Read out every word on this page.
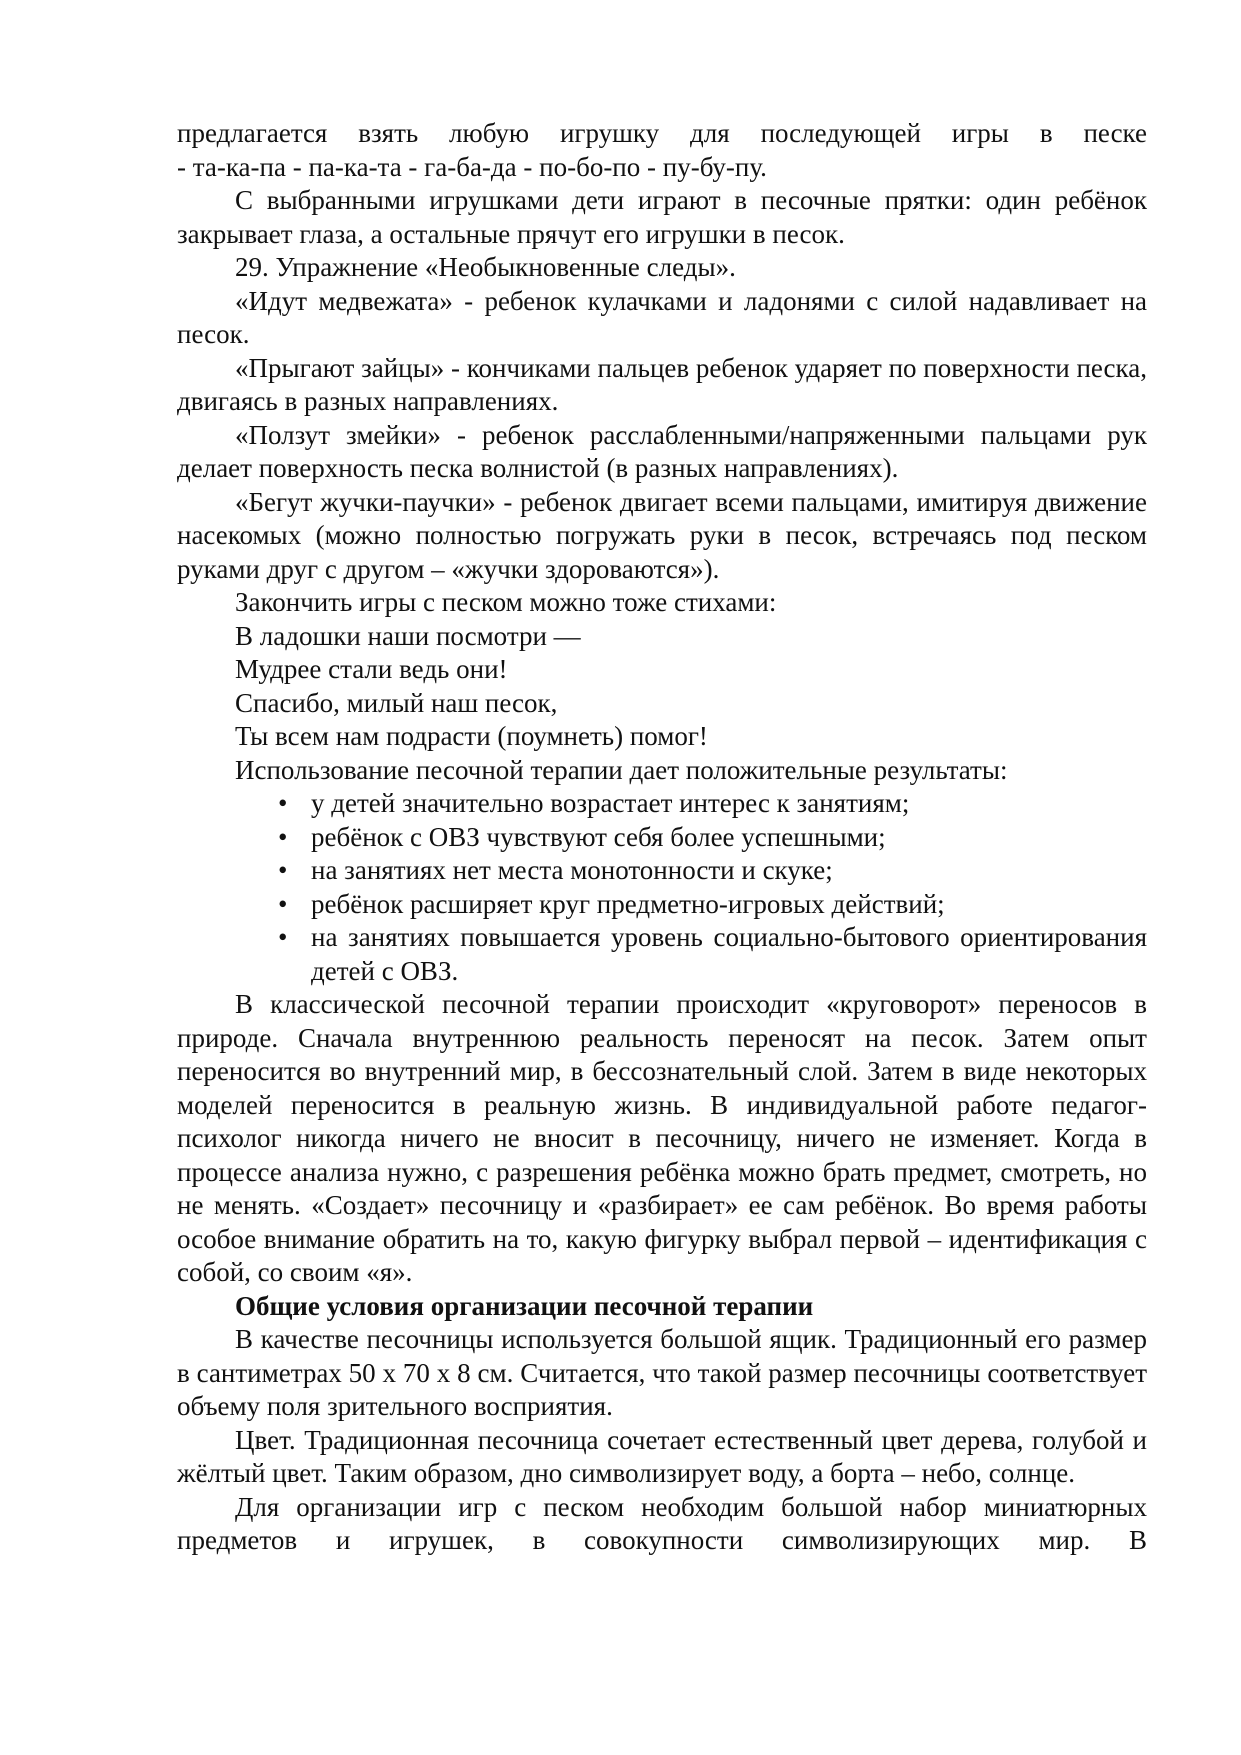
предлагается взять любую игрушку для последующей игры в песке

- та-ка-па - па-ка-та - га-ба-да - по-бо-по - пу-бу-пу.

С выбранными игрушками дети играют в песочные прятки: один ребёнок закрывает глаза, а остальные прячут его игрушки в песок.

29. Упражнение «Необыкновенные следы».

«Идут медвежата» - ребенок кулачками и ладонями с силой надавливает на песок.

«Прыгают зайцы» - кончиками пальцев ребенок ударяет по поверхности песка, двигаясь в разных направлениях.

«Ползут змейки» - ребенок расслабленными/напряженными пальцами рук делает поверхность песка волнистой (в разных направлениях).

«Бегут жучки-паучки» - ребенок двигает всеми пальцами, имитируя движение насекомых (можно полностью погружать руки в песок, встречаясь под песком руками друг с другом – «жучки здороваются»).

Закончить игры с песком можно тоже стихами:

В ладошки наши посмотри —

Мудрее стали ведь они!

Спасибо, милый наш песок,

Ты всем нам подрасти (поумнеть) помог!

Использование песочной терапии дает положительные результаты:

• у детей значительно возрастает интерес к занятиям;
• ребёнок с ОВЗ чувствуют себя более успешными;
• на занятиях нет места монотонности и скуке;
• ребёнок расширяет круг предметно-игровых действий;
• на занятиях повышается уровень социально-бытового ориентирования детей с ОВЗ.

В классической песочной терапии происходит «круговорот» переносов в природе. Сначала внутреннюю реальность переносят на песок. Затем опыт переносится во внутренний мир, в бессознательный слой. Затем в виде некоторых моделей переносится в реальную жизнь. В индивидуальной работе педагог-психолог никогда ничего не вносит в песочницу, ничего не изменяет. Когда в процессе анализа нужно, с разрешения ребёнка можно брать предмет, смотреть, но не менять. «Создает» песочницу и «разбирает» ее сам ребёнок. Во время работы особое внимание обратить на то, какую фигурку выбрал первой – идентификация с собой, со своим «я».

Общие условия организации песочной терапии

В качестве песочницы используется большой ящик. Традиционный его размер в сантиметрах 50 х 70 х 8 см. Считается, что такой размер песочницы соответствует объему поля зрительного восприятия.

Цвет. Традиционная песочница сочетает естественный цвет дерева, голубой и жёлтый цвет. Таким образом, дно символизирует воду, а борта – небо, солнце.

Для организации игр с песком необходим большой набор миниатюрных предметов и игрушек, в совокупности символизирующих мир. В
